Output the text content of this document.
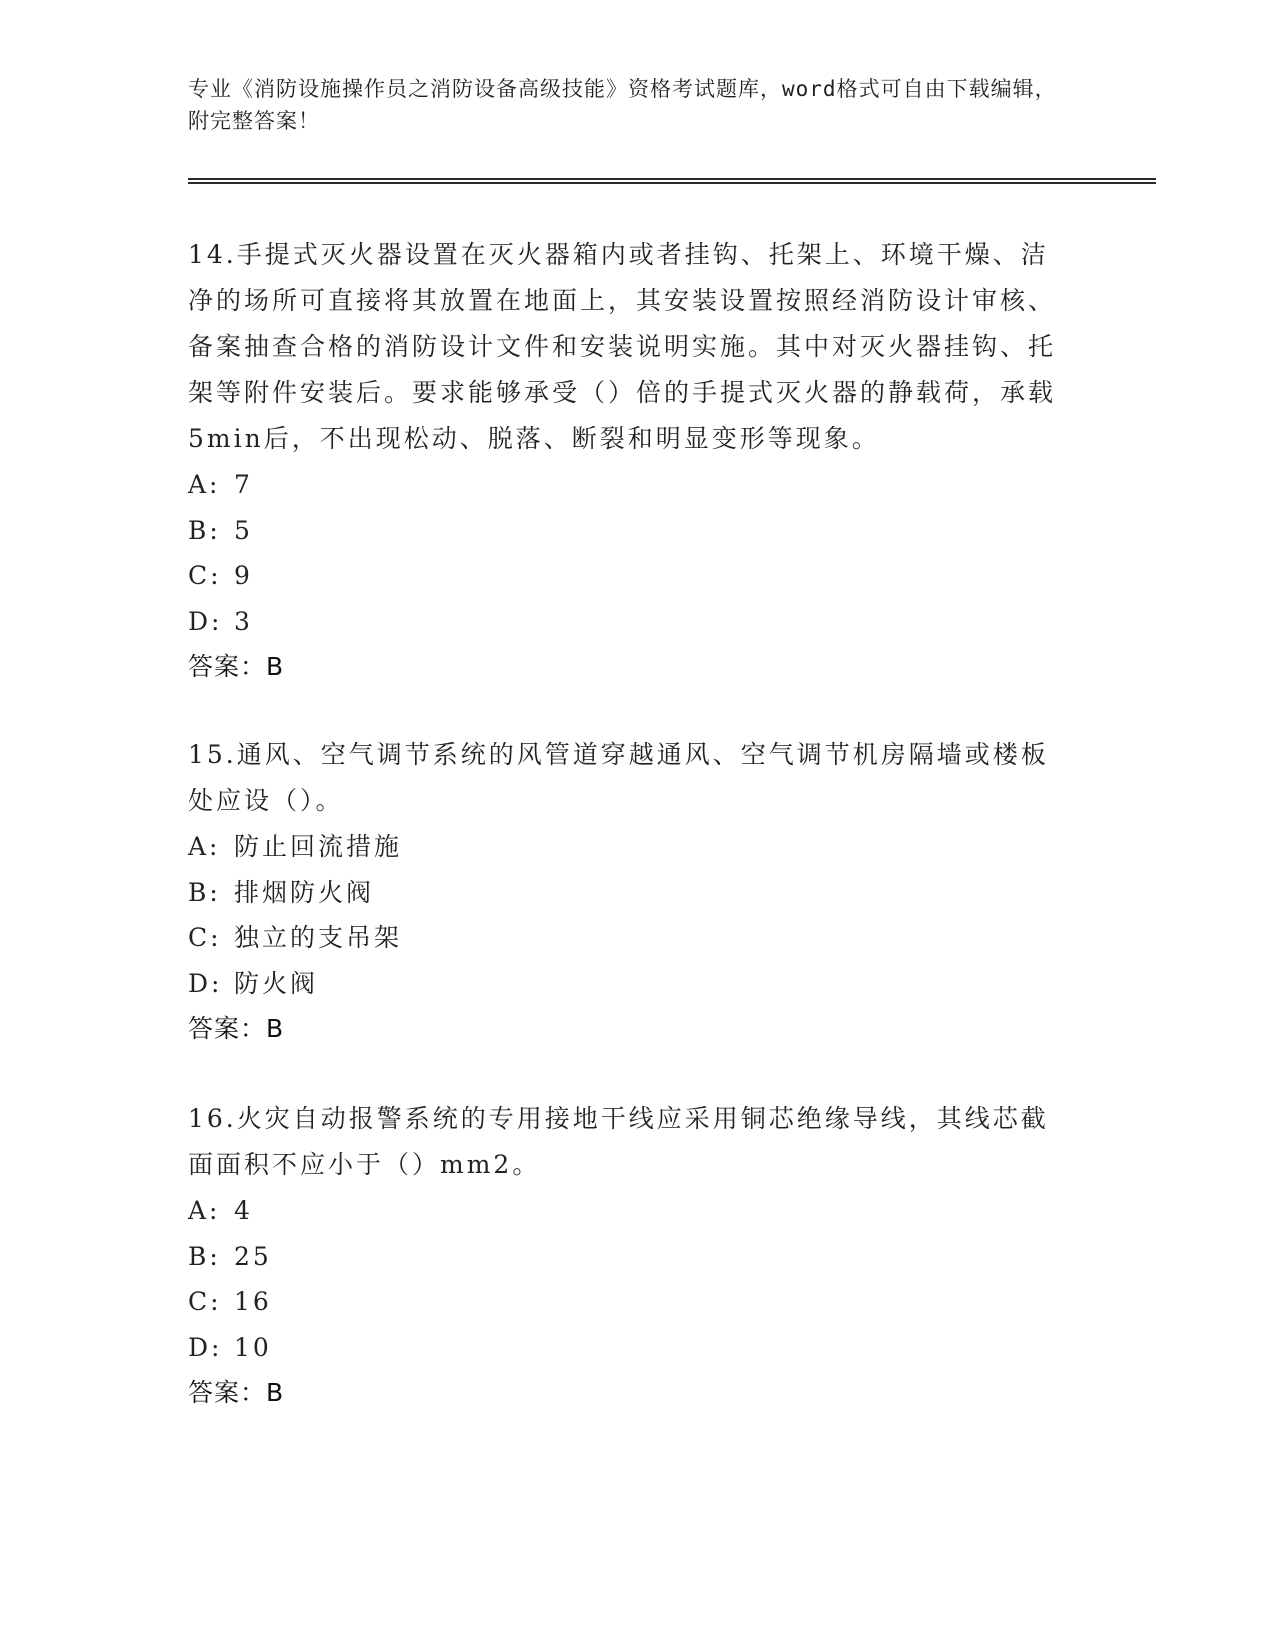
专业《消防设施操作员之消防设备高级技能》资格考试题库，word格式可自由下载编辑，附完整答案！
14.手提式灭火器设置在灭火器箱内或者挂钩、托架上、环境干燥、洁净的场所可直接将其放置在地面上，其安装设置按照经消防设计审核、备案抽查合格的消防设计文件和安装说明实施。其中对灭火器挂钩、托架等附件安装后。要求能够承受（）倍的手提式灭火器的静载荷，承载5min后，不出现松动、脱落、断裂和明显变形等现象。
A: 7
B: 5
C: 9
D: 3
答案：B
15.通风、空气调节系统的风管道穿越通风、空气调节机房隔墙或楼板处应设（）。
A: 防止回流措施
B: 排烟防火阀
C: 独立的支吊架
D: 防火阀
答案：B
16.火灾自动报警系统的专用接地干线应采用铜芯绝缘导线，其线芯截面面积不应小于（）mm2。
A: 4
B: 25
C: 16
D: 10
答案：B
